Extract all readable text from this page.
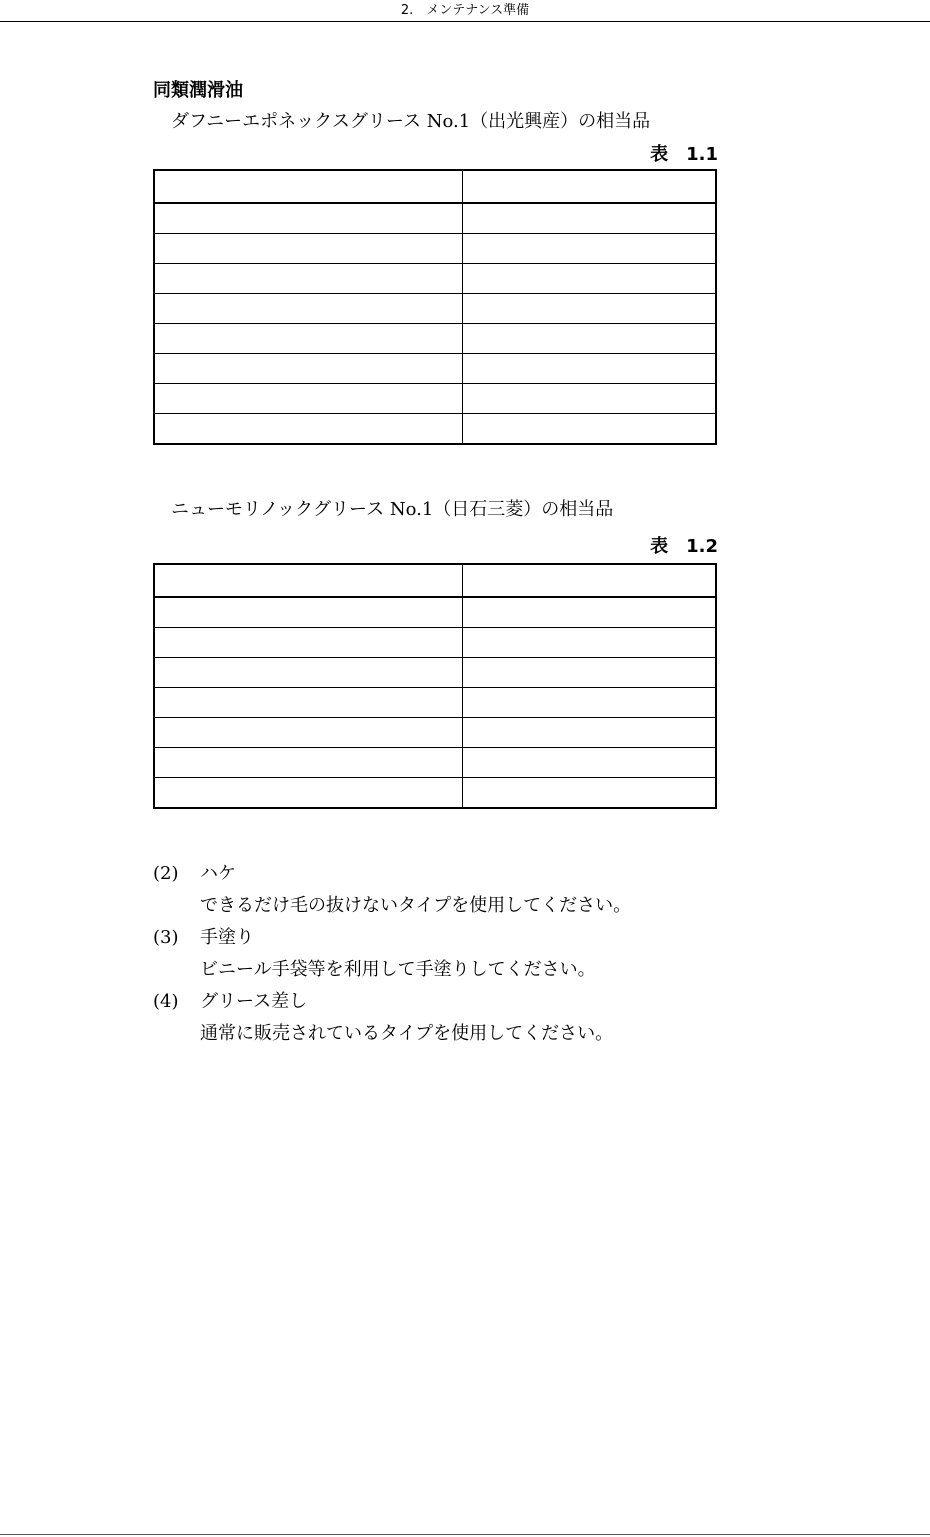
2.　メンテナンス準備
同類潤滑油
ダフニーエポネックスグリース No.1（出光興産）の相当品
表　1.1

ニューモリノックグリース No.1（日石三菱）の相当品
表　1.2

(2) ハケ
できるだけ毛の抜けないタイプを使用してください。
(3) 手塗り
ビニール手袋等を利用して手塗りしてください。
(4) グリース差し
通常に販売されているタイプを使用してください。
